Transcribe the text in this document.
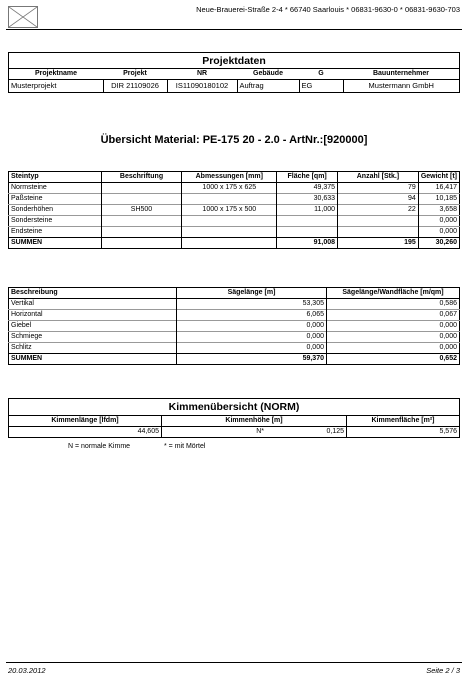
Neue-Brauerei-Straße 2-4 * 66740 Saarlouis * 06831-9630-0 * 06831-9630-703
Projektdaten					
Projektname	Projekt	NR	Gebäude	G	Bauunternehmer
Musterprojekt	DIR 21109026	IS11090180102	Auftrag	EG	Mustermann GmbH
Übersicht Material: PE-175 20 - 2.0 - ArtNr.:[920000]
Steintyp	Beschriftung	Abmessungen [mm]	Fläche [qm]	Anzahl [Stk.]	Gewicht [t]
Normsteine		1000 x 175 x 625	49,375	79	16,417
Paßsteine			30,633	94	10,185
Sonderhöhen	SH500	1000 x 175 x 500	11,000	22	3,658
Sondersteine					0,000
Endsteine					0,000
SUMMEN			91,008	195	30,260
Beschreibung	Sägelänge [m]	Sägelänge/Wandfläche [m/qm]
Vertikal	53,305	0,586
Horizontal	6,065	0,067
Giebel	0,000	0,000
Schmiege	0,000	0,000
Schlitz	0,000	0,000
SUMMEN	59,370	0,652
Kimmenübersicht (NORM)			
Kimmenlänge [lfdm]	Kimmenhöhe [m]		Kimmenfläche [m²]
44,605	N*	0,125	5,576
N = normale Kimme	* = mit Mörtel
20.03.2012	Seite 2 / 3
